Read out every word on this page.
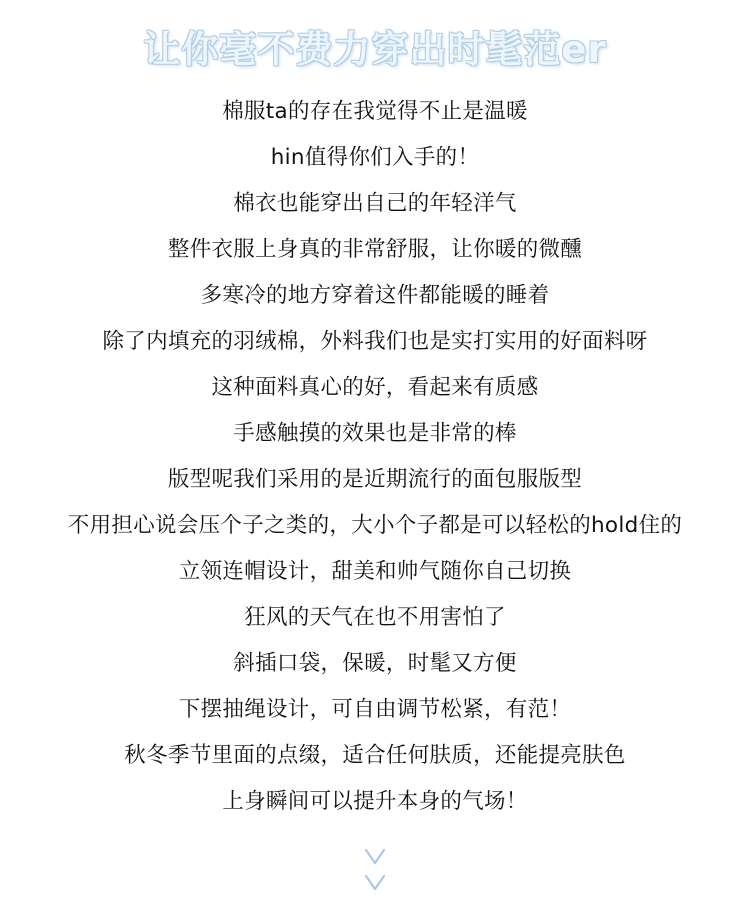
让你毫不费力穿出时髦范er
棉服ta的存在我觉得不止是温暖
hin值得你们入手的！
棉衣也能穿出自己的年轻洋气
整件衣服上身真的非常舒服，让你暖的微醺
多寒冷的地方穿着这件都能暖的睡着
除了内填充的羽绒棉，外料我们也是实打实用的好面料呀
这种面料真心的好，看起来有质感
手感触摸的效果也是非常的棒
版型呢我们采用的是近期流行的面包服版型
不用担心说会压个子之类的，大小个子都是可以轻松的hold住的
立领连帽设计，甜美和帅气随你自己切换
狂风的天气在也不用害怕了
斜插口袋，保暖，时髦又方便
下摆抽绳设计，可自由调节松紧，有范！
秋冬季节里面的点缀，适合任何肤质，还能提亮肤色
上身瞬间可以提升本身的气场！
